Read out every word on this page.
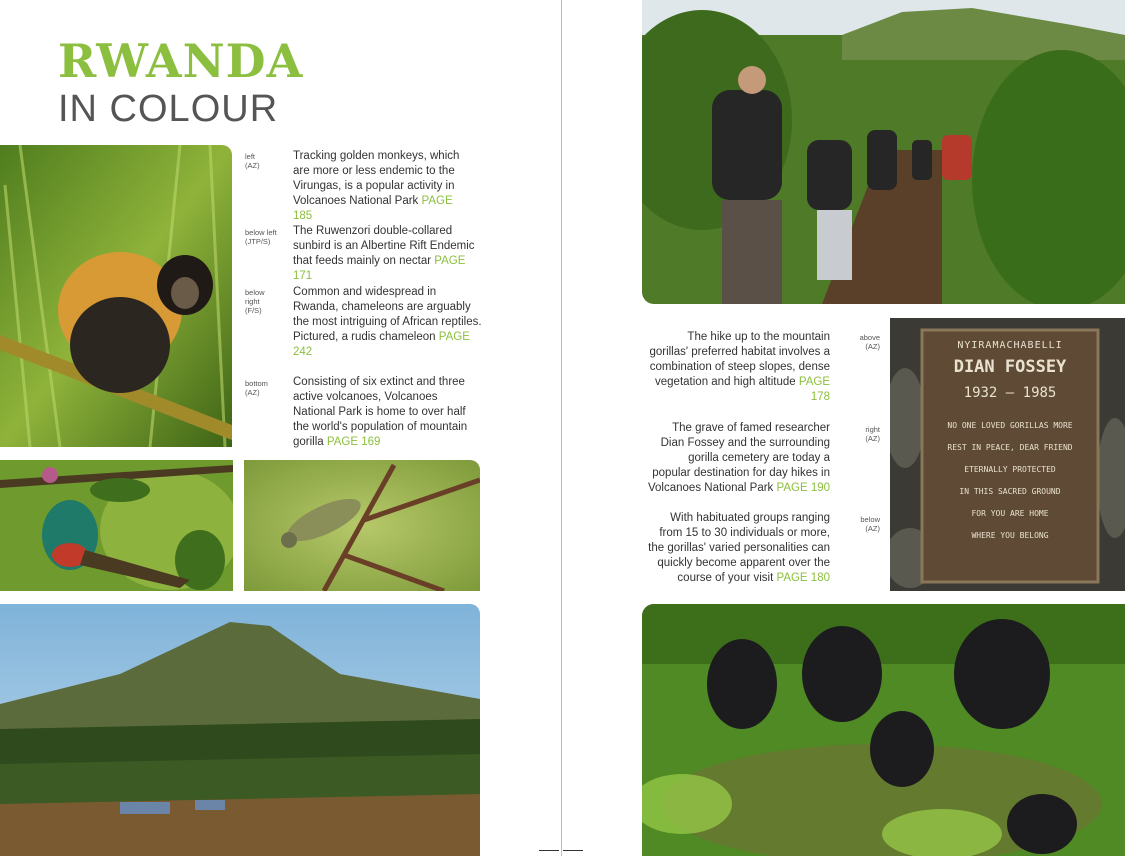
RWANDA
IN COLOUR
left
(AZ)
Tracking golden monkeys, which are more or less endemic to the Virungas, is a popular activity in Volcanoes National Park PAGE 185
below left
(JTP/S)
The Ruwenzori double-collared sunbird is an Albertine Rift Endemic that feeds mainly on nectar PAGE 171
below right
(F/S)
Common and widespread in Rwanda, chameleons are arguably the most intriguing of African reptiles. Pictured, a rudis chameleon PAGE 242
bottom
(AZ)
Consisting of six extinct and three active volcanoes, Volcanoes National Park is home to over half the world's population of mountain gorilla PAGE 169
The hike up to the mountain gorillas' preferred habitat involves a combination of steep slopes, dense vegetation and high altitude PAGE 178
above
(AZ)
The grave of famed researcher Dian Fossey and the surrounding gorilla cemetery are today a popular destination for day hikes in Volcanoes National Park PAGE 190
right
(AZ)
With habituated groups ranging from 15 to 30 individuals or more, the gorillas' varied personalities can quickly become apparent over the course of your visit PAGE 180
below
(AZ)
NYIRAMACHABELLI
DIAN FOSSEY
1932 – 1985
NO ONE LOVED GORILLAS MORE
REST IN PEACE, DEAR FRIEND
ETERNALLY PROTECTED
IN THIS SACRED GROUND
FOR YOU ARE HOME
WHERE YOU BELONG
